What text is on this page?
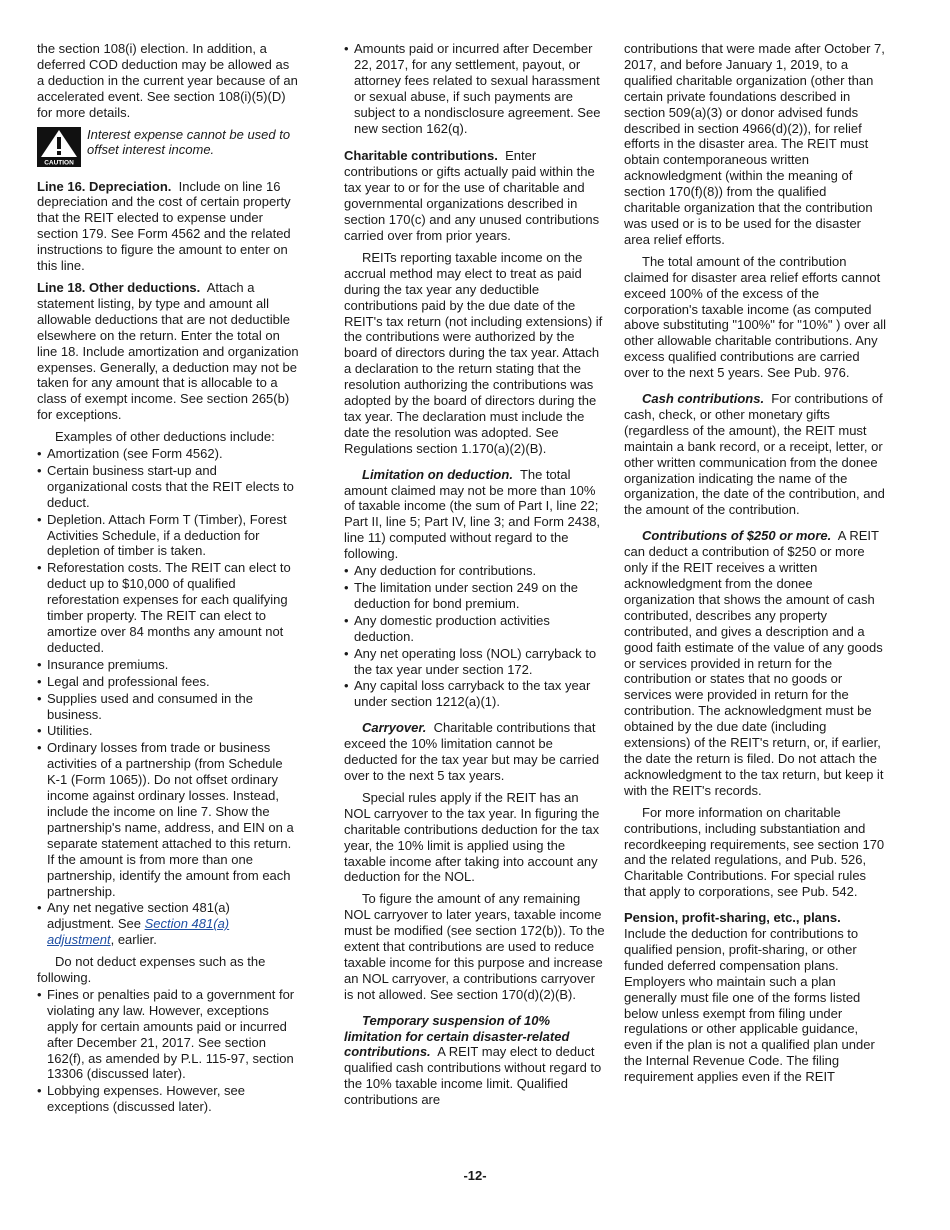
the section 108(i) election. In addition, a deferred COD deduction may be allowed as a deduction in the current year because of an accelerated event. See section 108(i)(5)(D) for more details.

CAUTION
Interest expense cannot be used to offset interest income.

Line 16. Depreciation. Include on line 16 depreciation and the cost of certain property that the REIT elected to expense under section 179. See Form 4562 and the related instructions to figure the amount to enter on this line.

Line 18. Other deductions. Attach a statement listing, by type and amount all allowable deductions that are not deductible elsewhere on the return. Enter the total on line 18. Include amortization and organization expenses. Generally, a deduction may not be taken for any amount that is allocable to a class of exempt income. See section 265(b) for exceptions.

Examples of other deductions include:

• Amortization (see Form 4562).

• Certain business start-up and organizational costs that the REIT elects to deduct.

• Depletion. Attach Form T (Timber), Forest Activities Schedule, if a deduction for depletion of timber is taken.

• Reforestation costs. The REIT can elect to deduct up to $10,000 of qualified reforestation expenses for each qualifying timber property. The REIT can elect to amortize over 84 months any amount not deducted.

• Insurance premiums.

• Legal and professional fees.

• Supplies used and consumed in the business.

• Utilities.

• Ordinary losses from trade or business activities of a partnership (from Schedule K-1 (Form 1065)). Do not offset ordinary income against ordinary losses. Instead, include the income on line 7. Show the partnership's name, address, and EIN on a separate statement attached to this return. If the amount is from more than one partnership, identify the amount from each partnership.

• Any net negative section 481(a) adjustment. See Section 481(a) adjustment, earlier.

Do not deduct expenses such as the following.

• Fines or penalties paid to a government for violating any law. However, exceptions apply for certain amounts paid or incurred after December 21, 2017. See section 162(f), as amended by P.L. 115-97, section 13306 (discussed later).

• Lobbying expenses. However, see exceptions (discussed later).

• Amounts paid or incurred after December 22, 2017, for any settlement, payout, or attorney fees related to sexual harassment or sexual abuse, if such payments are subject to a nondisclosure agreement. See new section 162(q).

Charitable contributions. Enter contributions or gifts actually paid within the tax year to or for the use of charitable and governmental organizations described in section 170(c) and any unused contributions carried over from prior years.

REITs reporting taxable income on the accrual method may elect to treat as paid during the tax year any deductible contributions paid by the due date of the REIT's tax return (not including extensions) if the contributions were authorized by the board of directors during the tax year. Attach a declaration to the return stating that the resolution authorizing the contributions was adopted by the board of directors during the tax year. The declaration must include the date the resolution was adopted. See Regulations section 1.170(a)(2)(B).

Limitation on deduction. The total amount claimed may not be more than 10% of taxable income (the sum of Part I, line 22; Part II, line 5; Part IV, line 3; and Form 2438, line 11) computed without regard to the following.

• Any deduction for contributions.

• The limitation under section 249 on the deduction for bond premium.

• Any domestic production activities deduction.

• Any net operating loss (NOL) carryback to the tax year under section 172.

• Any capital loss carryback to the tax year under section 1212(a)(1).

Carryover. Charitable contributions that exceed the 10% limitation cannot be deducted for the tax year but may be carried over to the next 5 tax years.

Special rules apply if the REIT has an NOL carryover to the tax year. In figuring the charitable contributions deduction for the tax year, the 10% limit is applied using the taxable income after taking into account any deduction for the NOL.

To figure the amount of any remaining NOL carryover to later years, taxable income must be modified (see section 172(b)). To the extent that contributions are used to reduce taxable income for this purpose and increase an NOL carryover, a contributions carryover is not allowed. See section 170(d)(2)(B).

Temporary suspension of 10% limitation for certain disaster-related contributions. A REIT may elect to deduct qualified cash contributions without regard to the 10% taxable income limit. Qualified contributions are

contributions that were made after October 7, 2017, and before January 1, 2019, to a qualified charitable organization (other than certain private foundations described in section 509(a)(3) or donor advised funds described in section 4966(d)(2)), for relief efforts in the disaster area. The REIT must obtain contemporaneous written acknowledgment (within the meaning of section 170(f)(8)) from the qualified charitable organization that the contribution was used or is to be used for the disaster area relief efforts.

The total amount of the contribution claimed for disaster area relief efforts cannot exceed 100% of the excess of the corporation's taxable income (as computed above substituting "100%" for "10%" ) over all other allowable charitable contributions. Any excess qualified contributions are carried over to the next 5 years. See Pub. 976.

Cash contributions. For contributions of cash, check, or other monetary gifts (regardless of the amount), the REIT must maintain a bank record, or a receipt, letter, or other written communication from the donee organization indicating the name of the organization, the date of the contribution, and the amount of the contribution.

Contributions of $250 or more. A REIT can deduct a contribution of $250 or more only if the REIT receives a written acknowledgment from the donee organization that shows the amount of cash contributed, describes any property contributed, and gives a description and a good faith estimate of the value of any goods or services provided in return for the contribution or states that no goods or services were provided in return for the contribution. The acknowledgment must be obtained by the due date (including extensions) of the REIT's return, or, if earlier, the date the return is filed. Do not attach the acknowledgment to the tax return, but keep it with the REIT's records.

For more information on charitable contributions, including substantiation and recordkeeping requirements, see section 170 and the related regulations, and Pub. 526, Charitable Contributions. For special rules that apply to corporations, see Pub. 542.

Pension, profit-sharing, etc., plans. Include the deduction for contributions to qualified pension, profit-sharing, or other funded deferred compensation plans. Employers who maintain such a plan generally must file one of the forms listed below unless exempt from filing under regulations or other applicable guidance, even if the plan is not a qualified plan under the Internal Revenue Code. The filing requirement applies even if the REIT

-12-
